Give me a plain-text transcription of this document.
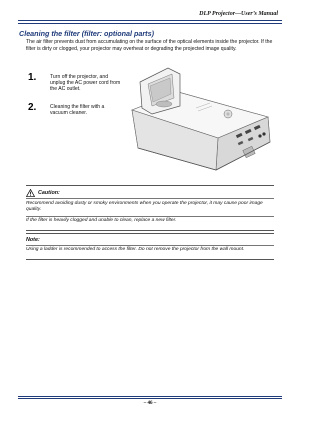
DLP Projector—User’s Manual
Cleaning the filter (filter: optional parts)
The air filter prevents dust from accumulating on the surface of the optical elements inside the projector. If the filter is dirty or clogged, your projector may overheat or degrading the projected image quality.
1.	Turn off the projector, and unplug the AC power cord from the AC outlet.
2.	Cleaning the filter with a vacuum cleaner.
Caution:

Recommend avoiding dusty or smoky environments when you operate the projector, it may cause poor image quality.

If the filter is heavily clogged and unable to clean, replace a new filter.

Note:

Using a ladder is recommended to access the filter. Do not remove the projector from the wall mount.

– 46 –
